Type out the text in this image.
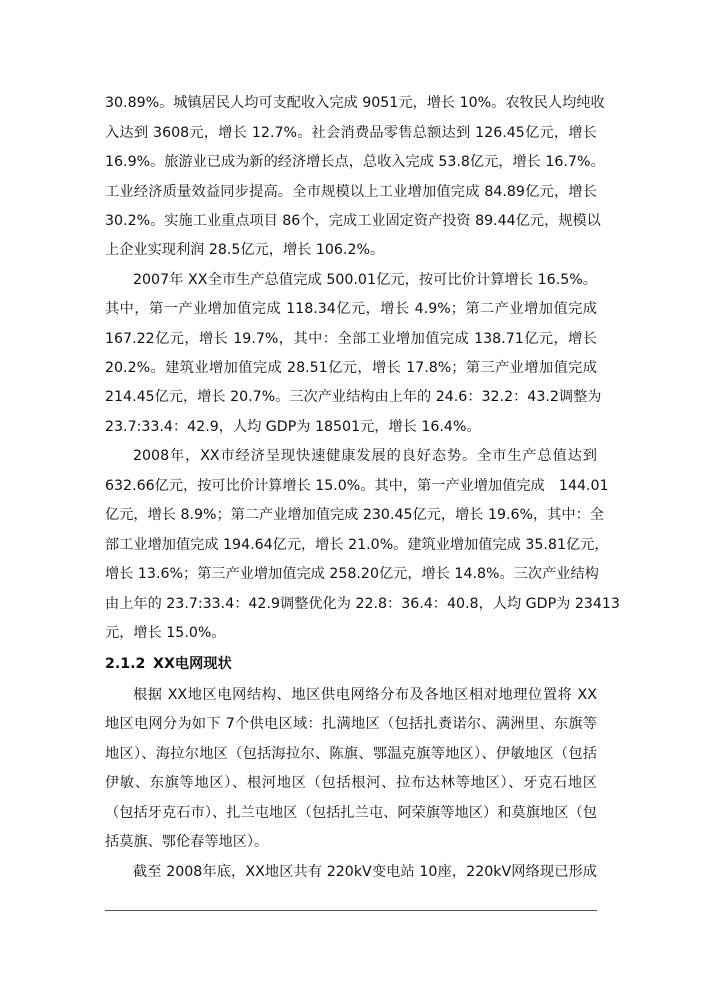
30.89%。城镇居民人均可支配收入完成 9051元，增长 10%。农牧民人均纯收
入达到 3608元，增长 12.7%。社会消费品零售总额达到 126.45亿元，增长
16.9%。旅游业已成为新的经济增长点，总收入完成 53.8亿元，增长 16.7%。
工业经济质量效益同步提高。全市规模以上工业增加值完成 84.89亿元，增长
30.2%。实施工业重点项目 86个，完成工业固定资产投资 89.44亿元，规模以
上企业实现利润 28.5亿元，增长 106.2%。
2007年 XX全市生产总值完成 500.01亿元，按可比价计算增长 16.5%。
其中，第一产业增加值完成 118.34亿元，增长 4.9%；第二产业增加值完成
167.22亿元，增长 19.7%，其中：全部工业增加值完成 138.71亿元，增长
20.2%。建筑业增加值完成 28.51亿元，增长 17.8%；第三产业增加值完成
214.45亿元，增长 20.7%。三次产业结构由上年的 24.6：32.2：43.2调整为
23.7:33.4：42.9，人均 GDP为 18501元，增长 16.4%。
2008年，XX市经济呈现快速健康发展的良好态势。全市生产总值达到
632.66亿元，按可比价计算增长 15.0%。其中，第一产业增加值完成　144.01
亿元，增长 8.9%；第二产业增加值完成 230.45亿元，增长 19.6%，其中：全
部工业增加值完成 194.64亿元，增长 21.0%。建筑业增加值完成 35.81亿元，
增长 13.6%；第三产业增加值完成 258.20亿元，增长 14.8%。三次产业结构
由上年的 23.7:33.4：42.9调整优化为 22.8：36.4：40.8，人均 GDP为 23413
元，增长 15.0%。
2.1.2 XX电网现状
根据 XX地区电网结构、地区供电网络分布及各地区相对地理位置将 XX
地区电网分为如下 7个供电区域：扎满地区（包括扎赉诺尔、满洲里、东旗等
地区）、海拉尔地区（包括海拉尔、陈旗、鄂温克旗等地区）、伊敏地区（包括
伊敏、东旗等地区）、根河地区（包括根河、拉布达林等地区）、牙克石地区
（包括牙克石市）、扎兰屯地区（包括扎兰屯、阿荣旗等地区）和莫旗地区（包
括莫旗、鄂伦春等地区）。
截至 2008年底，XX地区共有 220kV变电站 10座，220kV网络现已形成
